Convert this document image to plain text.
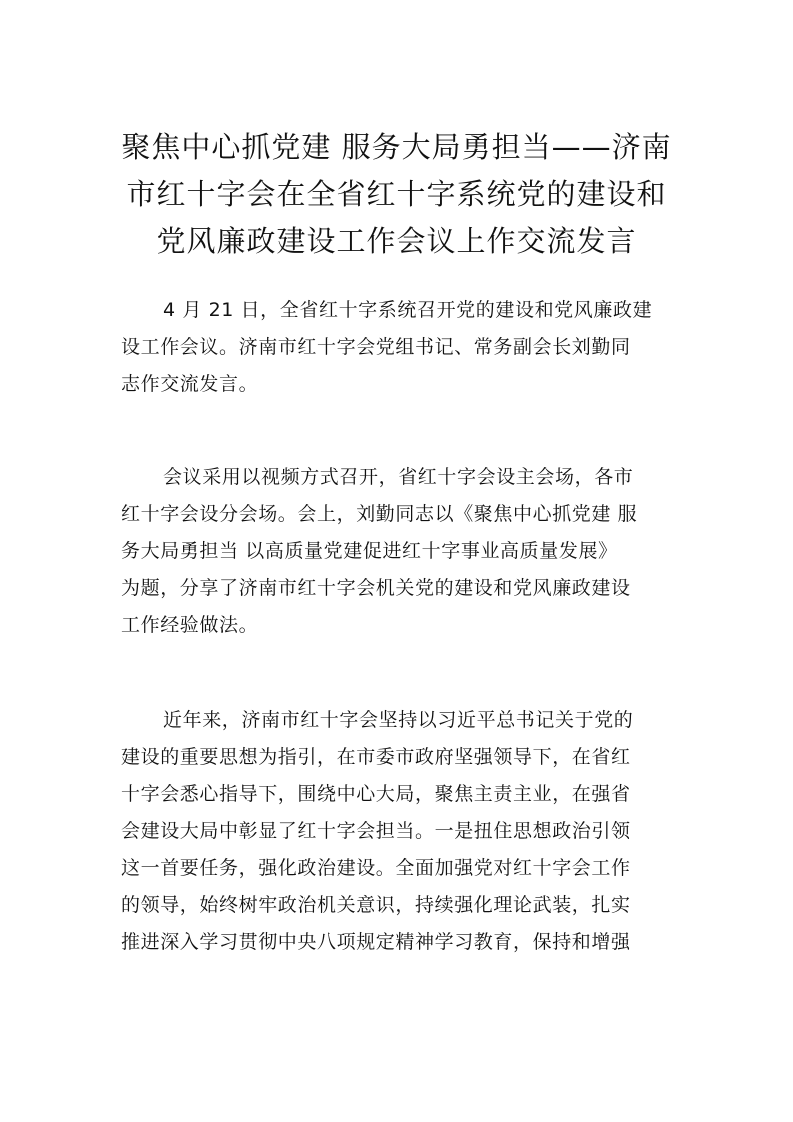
聚焦中心抓党建 服务大局勇担当——济南
市红十字会在全省红十字系统党的建设和
党风廉政建设工作会议上作交流发言

4 月 21 日，全省红十字系统召开党的建设和党风廉政建
设工作会议。济南市红十字会党组书记、常务副会长刘勤同
志作交流发言。

会议采用以视频方式召开，省红十字会设主会场，各市
红十字会设分会场。会上，刘勤同志以《聚焦中心抓党建 服
务大局勇担当 以高质量党建促进红十字事业高质量发展》
为题，分享了济南市红十字会机关党的建设和党风廉政建设
工作经验做法。

近年来，济南市红十字会坚持以习近平总书记关于党的
建设的重要思想为指引，在市委市政府坚强领导下，在省红
十字会悉心指导下，围绕中心大局，聚焦主责主业，在强省
会建设大局中彰显了红十字会担当。一是扭住思想政治引领
这一首要任务，强化政治建设。全面加强党对红十字会工作
的领导，始终树牢政治机关意识，持续强化理论武装，扎实
推进深入学习贯彻中央八项规定精神学习教育，保持和增强
